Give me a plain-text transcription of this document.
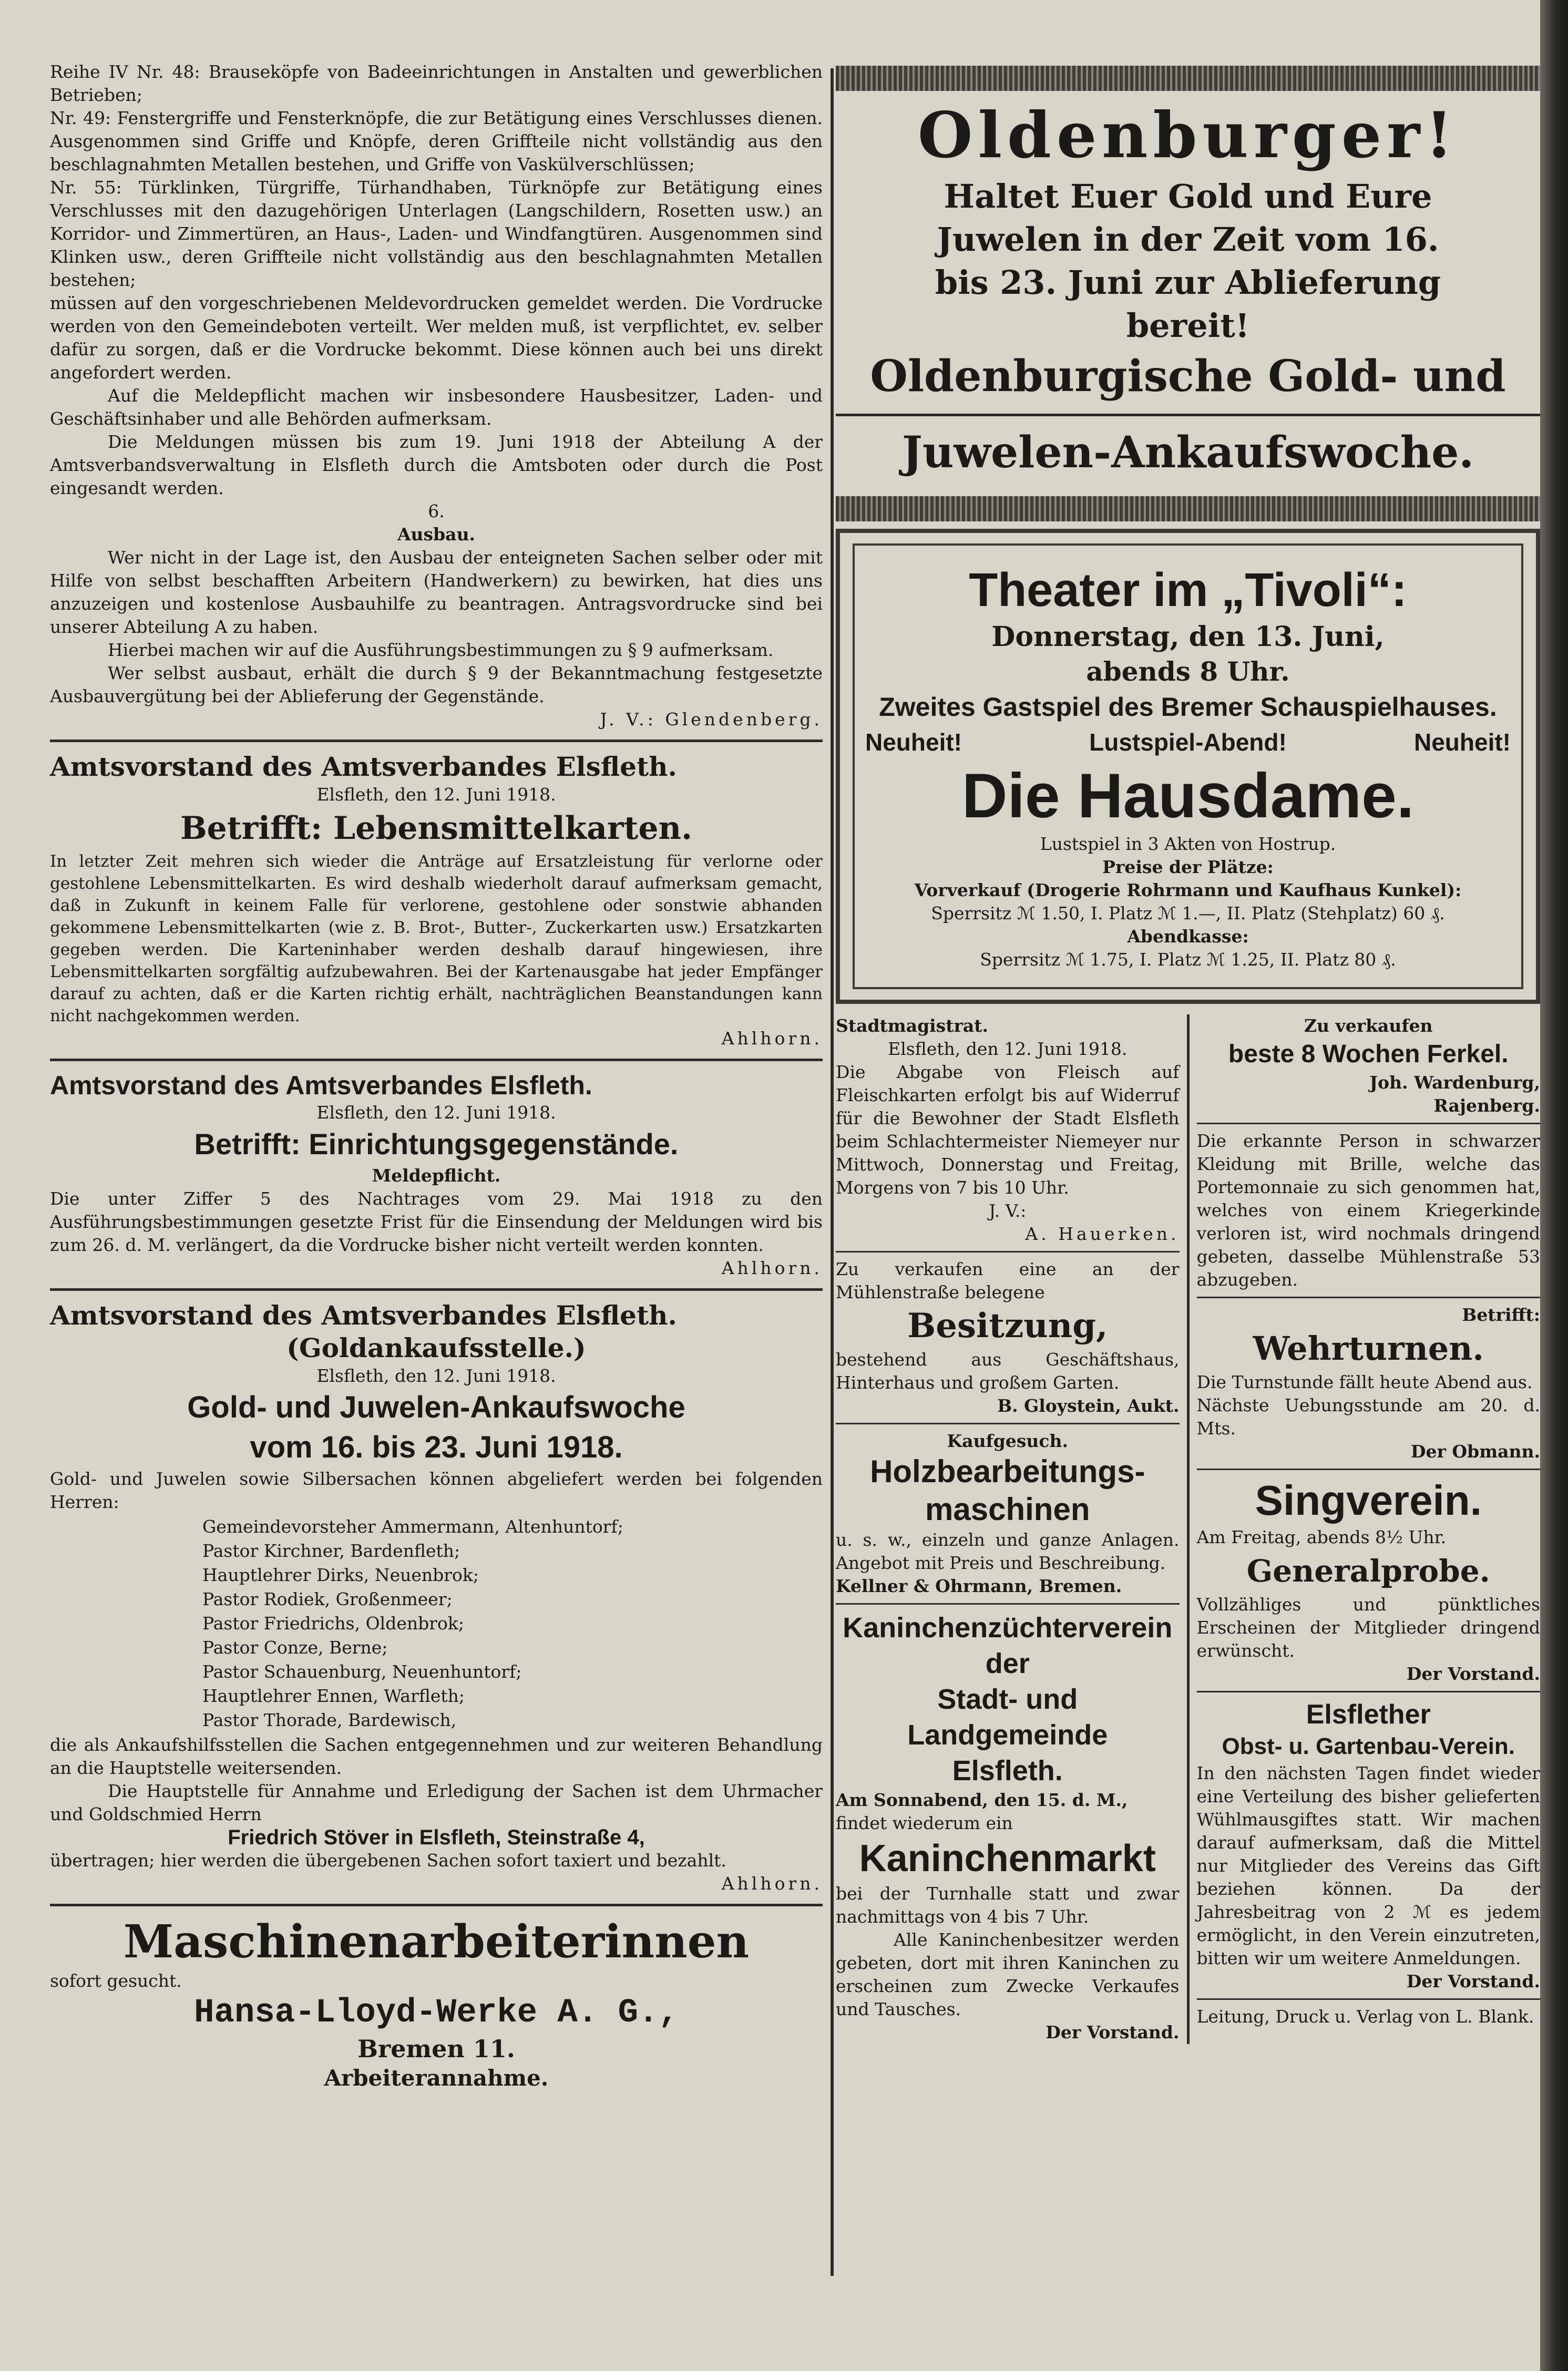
Reihe IV Nr. 48: Brauseköpfe von Badeeinrichtungen in Anstalten und gewerblichen Betrieben;

Nr. 49: Fenstergriffe und Fensterknöpfe, die zur Betätigung eines Verschlusses dienen. Ausgenommen sind Griffe und Knöpfe, deren Griffteile nicht vollständig aus den beschlagnahmten Metallen bestehen, und Griffe von Vaskülverschlüssen;

Nr. 55: Türklinken, Türgriffe, Türhandhaben, Türknöpfe zur Betätigung eines Verschlusses mit den dazugehörigen Unterlagen (Langschildern, Rosetten usw.) an Korridor- und Zimmertüren, an Haus-, Laden- und Windfangtüren. Ausgenommen sind Klinken usw., deren Griffteile nicht vollständig aus den beschlagnahmten Metallen bestehen;

müssen auf den vorgeschriebenen Meldevordrucken gemeldet werden. Die Vordrucke werden von den Gemeindeboten verteilt. Wer melden muß, ist verpflichtet, ev. selber dafür zu sorgen, daß er die Vordrucke bekommt. Diese können auch bei uns direkt angefordert werden.

Auf die Meldepflicht machen wir insbesondere Hausbesitzer, Laden- und Geschäftsinhaber und alle Behörden aufmerksam.

Die Meldungen müssen bis zum 19. Juni 1918 der Abteilung A der Amtsverbandsverwaltung in Elsfleth durch die Amtsboten oder durch die Post eingesandt werden.

6.

Ausbau.

Wer nicht in der Lage ist, den Ausbau der enteigneten Sachen selber oder mit Hilfe von selbst beschafften Arbeitern (Handwerkern) zu bewirken, hat dies uns anzuzeigen und kostenlose Ausbauhilfe zu beantragen. Antragsvordrucke sind bei unserer Abteilung A zu haben.

Hierbei machen wir auf die Ausführungsbestimmungen zu § 9 aufmerksam.

Wer selbst ausbaut, erhält die durch § 9 der Bekanntmachung festgesetzte Ausbauvergütung bei der Ablieferung der Gegenstände.

J. V.: Glendenberg.

Amtsvorstand des Amtsverbandes Elsfleth.

Elsfleth, den 12. Juni 1918.

Betrifft: Lebensmittelkarten.

In letzter Zeit mehren sich wieder die Anträge auf Ersatzleistung für verlorne oder gestohlene Lebensmittelkarten. Es wird deshalb wiederholt darauf aufmerksam gemacht, daß in Zukunft in keinem Falle für verlorene, gestohlene oder sonstwie abhanden gekommene Lebensmittelkarten (wie z. B. Brot-, Butter-, Zuckerkarten usw.) Ersatzkarten gegeben werden. Die Karteninhaber werden deshalb darauf hingewiesen, ihre Lebensmittelkarten sorgfältig aufzubewahren. Bei der Kartenausgabe hat jeder Empfänger darauf zu achten, daß er die Karten richtig erhält, nachträglichen Beanstandungen kann nicht nachgekommen werden.

Ahlhorn.

Amtsvorstand des Amtsverbandes Elsfleth.

Elsfleth, den 12. Juni 1918.

Betrifft: Einrichtungsgegenstände.

Meldepflicht.

Die unter Ziffer 5 des Nachtrages vom 29. Mai 1918 zu den Ausführungsbestimmungen gesetzte Frist für die Einsendung der Meldungen wird bis zum 26. d. M. verlängert, da die Vordrucke bisher nicht verteilt werden konnten.

Ahlhorn.

Amtsvorstand des Amtsverbandes Elsfleth.
(Goldankaufsstelle.)

Elsfleth, den 12. Juni 1918.

Gold- und Juwelen-Ankaufswoche
vom 16. bis 23. Juni 1918.

Gold- und Juwelen sowie Silbersachen können abgeliefert werden bei folgenden Herren:

Gemeindevorsteher Ammermann, Altenhuntorf;
Pastor Kirchner, Bardenfleth;
Hauptlehrer Dirks, Neuenbrok;
Pastor Rodiek, Großenmeer;
Pastor Friedrichs, Oldenbrok;
Pastor Conze, Berne;
Pastor Schauenburg, Neuenhuntorf;
Hauptlehrer Ennen, Warfleth;
Pastor Thorade, Bardewisch,

die als Ankaufshilfsstellen die Sachen entgegennehmen und zur weiteren Behandlung an die Hauptstelle weitersenden.

Die Hauptstelle für Annahme und Erledigung der Sachen ist dem Uhrmacher und Goldschmied Herrn

Friedrich Stöver in Elsfleth, Steinstraße 4,

übertragen; hier werden die übergebenen Sachen sofort taxiert und bezahlt.

Ahlhorn.

Maschinenarbeiterinnen

sofort gesucht.

Hansa-Lloyd-Werke A. G.,
Bremen 11.
Arbeiterannahme.
Oldenburger!
Haltet Euer Gold und Eure
Juwelen in der Zeit vom 16.
bis 23. Juni zur Ablieferung
bereit!
Oldenburgische Gold- und
Juwelen-Ankaufswoche.
Theater im „Tivoli“:
Donnerstag, den 13. Juni,
abends 8 Uhr.
Zweites Gastspiel des Bremer Schauspielhauses.
Neuheit!	Lustspiel-Abend!	Neuheit!
Die Hausdame.

Lustspiel in 3 Akten von Hostrup.

Preise der Plätze:

Vorverkauf (Drogerie Rohrmann und Kaufhaus Kunkel):

Sperrsitz ℳ 1.50, I. Platz ℳ 1.—, II. Platz (Stehplatz) 60 ₰.

Abendkasse:

Sperrsitz ℳ 1.75, I. Platz ℳ 1.25, II. Platz 80 ₰.

Stadtmagistrat.

Elsfleth, den 12. Juni 1918.

Die Abgabe von Fleisch auf Fleischkarten erfolgt bis auf Widerruf für die Bewohner der Stadt Elsfleth beim Schlachtermeister Niemeyer nur Mittwoch, Donnerstag und Freitag, Morgens von 7 bis 10 Uhr.

J. V.:

A. Hauerken.

Zu verkaufen eine an der Mühlenstraße belegene

Besitzung,

bestehend aus Geschäftshaus, Hinterhaus und großem Garten.

B. Gloystein, Aukt.

Kaufgesuch.

Holzbearbeitungs-
maschinen

u. s. w., einzeln und ganze Anlagen. Angebot mit Preis und Beschreibung.

Kellner & Ohrmann, Bremen.

Kaninchenzüchterverein der
Stadt- und Landgemeinde
Elsfleth.

Am Sonnabend, den 15. d. M.,

findet wiederum ein

Kaninchenmarkt

bei der Turnhalle statt und zwar nachmittags von 4 bis 7 Uhr.

Alle Kaninchenbesitzer werden gebeten, dort mit ihren Kaninchen zu erscheinen zum Zwecke Verkaufes und Tausches.

Der Vorstand.

Zu verkaufen

beste 8 Wochen Ferkel.

Joh. Wardenburg,

Rajenberg.

Die erkannte Person in schwarzer Kleidung mit Brille, welche das Portemonnaie zu sich genommen hat, welches von einem Kriegerkinde verloren ist, wird nochmals dringend gebeten, dasselbe Mühlenstraße 53 abzugeben.

Betrifft:

Wehrturnen.

Die Turnstunde fällt heute Abend aus.

Nächste Uebungsstunde am 20. d. Mts.

Der Obmann.

Singverein.

Am Freitag, abends 8½ Uhr.

Generalprobe.

Vollzähliges und pünktliches Erscheinen der Mitglieder dringend erwünscht.

Der Vorstand.

Elsflether
Obst- u. Gartenbau-Verein.

In den nächsten Tagen findet wieder eine Verteilung des bisher gelieferten Wühlmausgiftes statt. Wir machen darauf aufmerksam, daß die Mittel nur Mitglieder des Vereins das Gift beziehen können. Da der Jahresbeitrag von 2 ℳ es jedem ermöglicht, in den Verein einzutreten, bitten wir um weitere Anmeldungen.

Der Vorstand.

Leitung, Druck u. Verlag von L. Blank.
